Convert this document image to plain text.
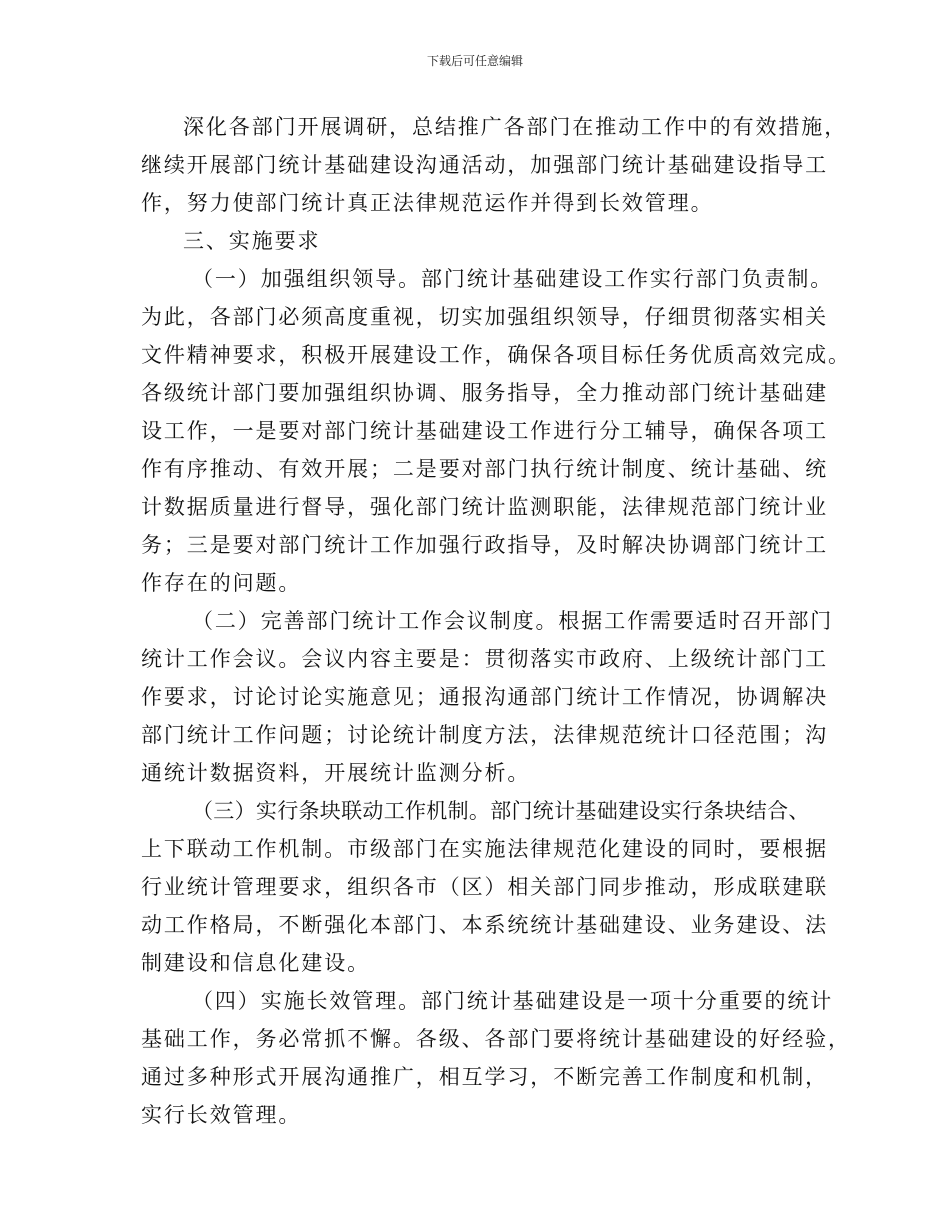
下载后可任意编辑
深化各部门开展调研，总结推广各部门在推动工作中的有效措施，
继续开展部门统计基础建设沟通活动，加强部门统计基础建设指导工
作，努力使部门统计真正法律规范运作并得到长效管理。
三、实施要求
（一）加强组织领导。部门统计基础建设工作实行部门负责制。
为此，各部门必须高度重视，切实加强组织领导，仔细贯彻落实相关
文件精神要求，积极开展建设工作，确保各项目标任务优质高效完成。
各级统计部门要加强组织协调、服务指导，全力推动部门统计基础建
设工作，一是要对部门统计基础建设工作进行分工辅导，确保各项工
作有序推动、有效开展；二是要对部门执行统计制度、统计基础、统
计数据质量进行督导，强化部门统计监测职能，法律规范部门统计业
务；三是要对部门统计工作加强行政指导，及时解决协调部门统计工
作存在的问题。
（二）完善部门统计工作会议制度。根据工作需要适时召开部门
统计工作会议。会议内容主要是：贯彻落实市政府、上级统计部门工
作要求，讨论讨论实施意见；通报沟通部门统计工作情况，协调解决
部门统计工作问题；讨论统计制度方法，法律规范统计口径范围；沟
通统计数据资料，开展统计监测分析。
（三）实行条块联动工作机制。部门统计基础建设实行条块结合、
上下联动工作机制。市级部门在实施法律规范化建设的同时，要根据
行业统计管理要求，组织各市（区）相关部门同步推动，形成联建联
动工作格局，不断强化本部门、本系统统计基础建设、业务建设、法
制建设和信息化建设。
（四）实施长效管理。部门统计基础建设是一项十分重要的统计
基础工作，务必常抓不懈。各级、各部门要将统计基础建设的好经验，
通过多种形式开展沟通推广，相互学习，不断完善工作制度和机制，
实行长效管理。
